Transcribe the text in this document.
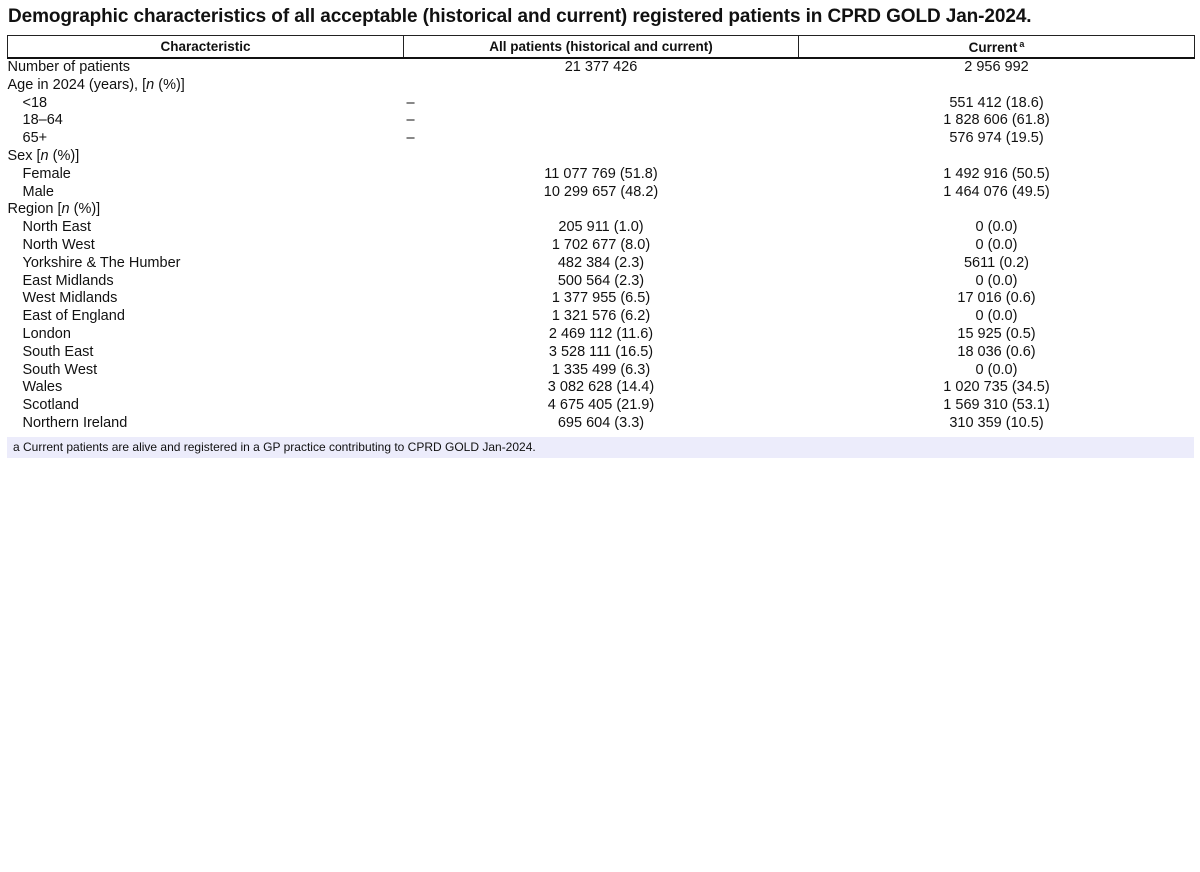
Demographic characteristics of all acceptable (historical and current) registered patients in CPRD GOLD Jan-2024.
Characteristic	All patients (historical and current)	Current $^a$
Number of patients	21 377 426	2 956 992
Age in 2024 (years), [n (%)]		
<18	–	551 412 (18.6)
18–64	–	1 828 606 (61.8)
65+	–	576 974 (19.5)
Sex [n (%)]		
Female	11 077 769 (51.8)	1 492 916 (50.5)
Male	10 299 657 (48.2)	1 464 076 (49.5)
Region [n (%)]		
North East	205 911 (1.0)	0 (0.0)
North West	1 702 677 (8.0)	0 (0.0)
Yorkshire & The Humber	482 384 (2.3)	5611 (0.2)
East Midlands	500 564 (2.3)	0 (0.0)
West Midlands	1 377 955 (6.5)	17 016 (0.6)
East of England	1 321 576 (6.2)	0 (0.0)
London	2 469 112 (11.6)	15 925 (0.5)
South East	3 528 111 (16.5)	18 036 (0.6)
South West	1 335 499 (6.3)	0 (0.0)
Wales	3 082 628 (14.4)	1 020 735 (34.5)
Scotland	4 675 405 (21.9)	1 569 310 (53.1)
Northern Ireland	695 604 (3.3)	310 359 (10.5)
a Current patients are alive and registered in a GP practice contributing to CPRD GOLD Jan-2024.
